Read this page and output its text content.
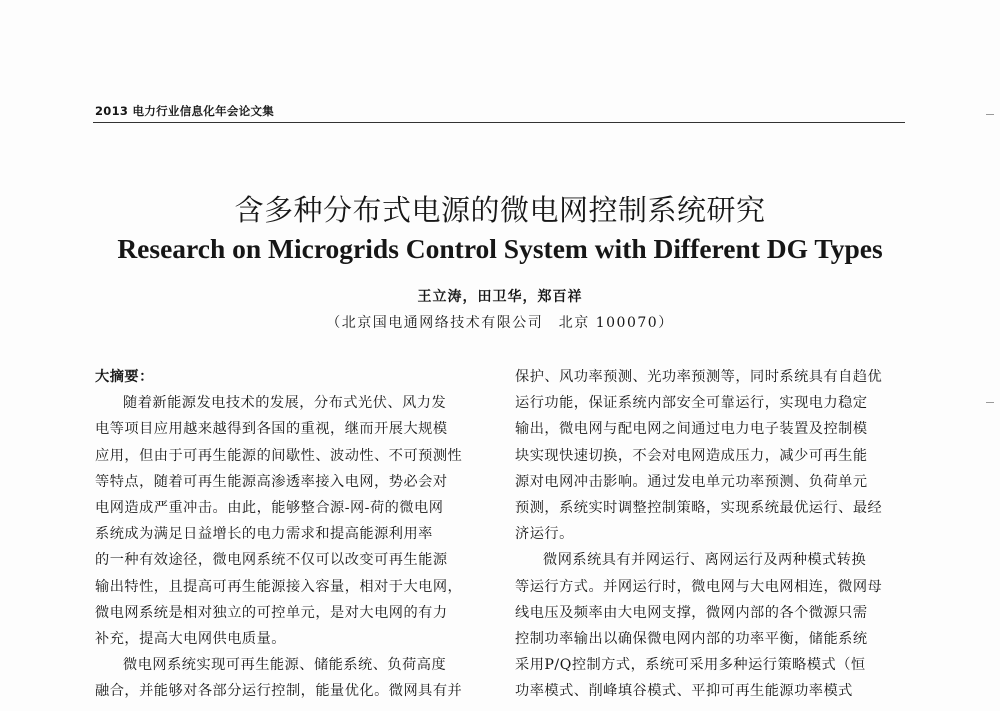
2013 电力行业信息化年会论文集
含多种分布式电源的微电网控制系统研究
Research on Microgrids Control System with Different DG Types
王立涛，田卫华，郑百祥
（北京国电通网络技术有限公司　北京 100070）
大摘要：
随着新能源发电技术的发展，分布式光伏、风力发
电等项目应用越来越得到各国的重视，继而开展大规模
应用，但由于可再生能源的间歇性、波动性、不可预测性
等特点，随着可再生能源高渗透率接入电网，势必会对
电网造成严重冲击。由此，能够整合源-网-荷的微电网
系统成为满足日益增长的电力需求和提高能源利用率
的一种有效途径，微电网系统不仅可以改变可再生能源
输出特性，且提高可再生能源接入容量，相对于大电网，
微电网系统是相对独立的可控单元，是对大电网的有力
补充，提高大电网供电质量。
微电网系统实现可再生能源、储能系统、负荷高度
融合，并能够对各部分运行控制，能量优化。微网具有并
保护、风功率预测、光功率预测等，同时系统具有自趋优
运行功能，保证系统内部安全可靠运行，实现电力稳定
输出，微电网与配电网之间通过电力电子装置及控制模
块实现快速切换，不会对电网造成压力，减少可再生能
源对电网冲击影响。通过发电单元功率预测、负荷单元
预测，系统实时调整控制策略，实现系统最优运行、最经
济运行。
微网系统具有并网运行、离网运行及两种模式转换
等运行方式。并网运行时，微电网与大电网相连，微网母
线电压及频率由大电网支撑，微网内部的各个微源只需
控制功率输出以确保微电网内部的功率平衡，储能系统
采用P/Q控制方式，系统可采用多种运行策略模式（恒
功率模式、削峰填谷模式、平抑可再生能源功率模式
